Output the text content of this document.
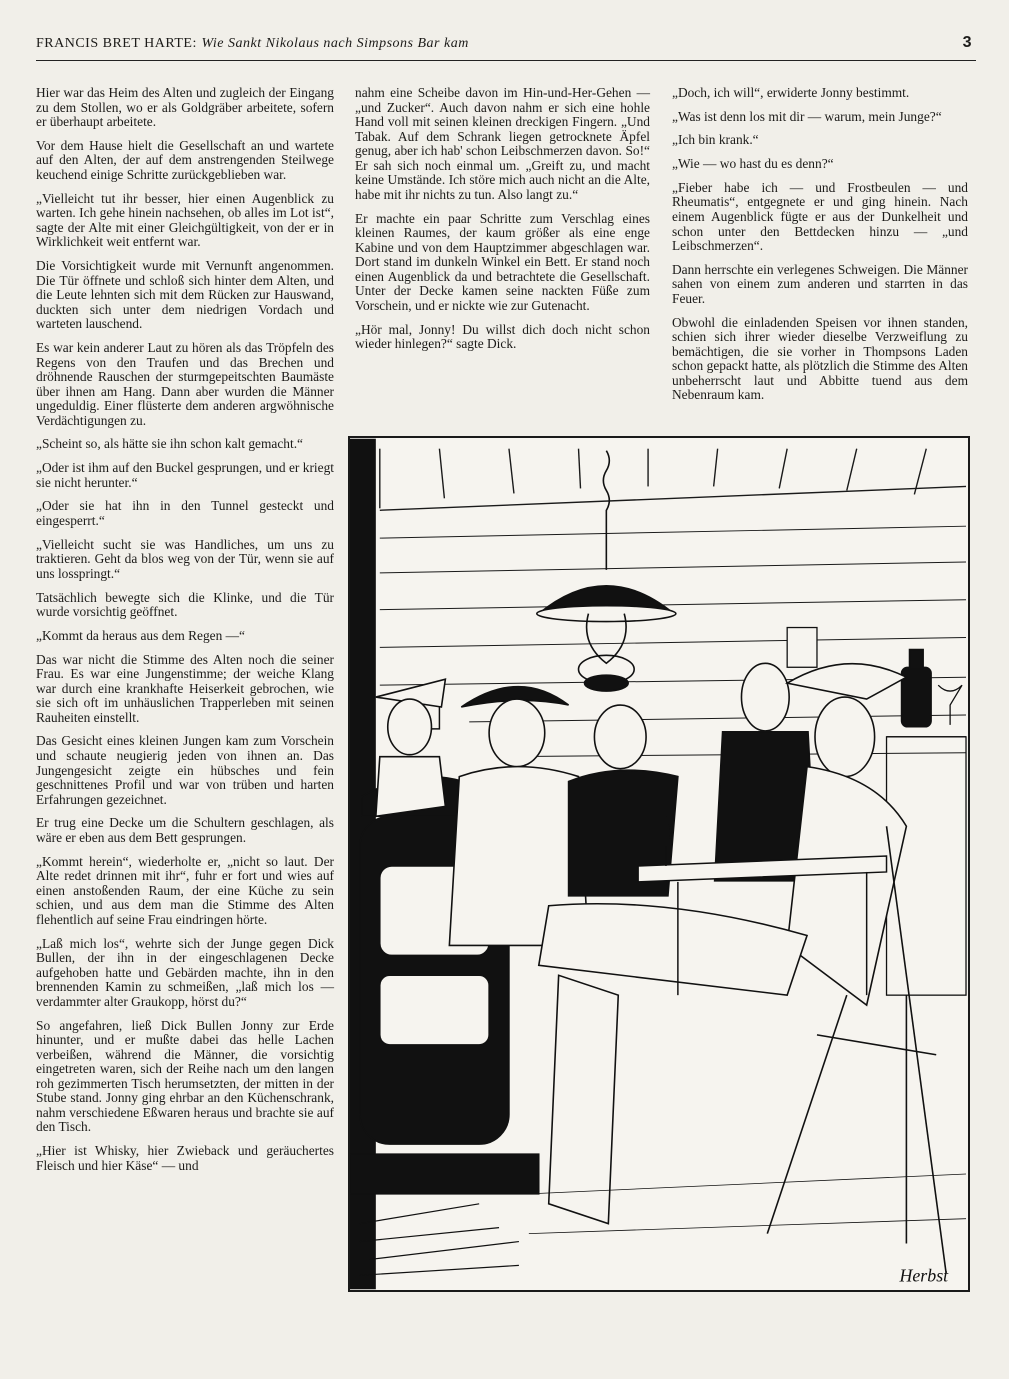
FRANCIS BRET HARTE: Wie Sankt Nikolaus nach Simpsons Bar kam	3

Hier war das Heim des Alten und zugleich der Eingang zu dem Stollen, wo er als Goldgräber arbeitete, sofern er überhaupt arbeitete.

Vor dem Hause hielt die Gesellschaft an und wartete auf den Alten, der auf dem anstrengenden Steilwege keuchend einige Schritte zurückgeblieben war.

„Vielleicht tut ihr besser, hier einen Augenblick zu warten. Ich gehe hinein nachsehen, ob alles im Lot ist“, sagte der Alte mit einer Gleichgültigkeit, von der er in Wirklichkeit weit entfernt war.

Die Vorsichtigkeit wurde mit Vernunft angenommen. Die Tür öffnete und schloß sich hinter dem Alten, und die Leute lehnten sich mit dem Rücken zur Hauswand, duckten sich unter dem niedrigen Vordach und warteten lauschend.

Es war kein anderer Laut zu hören als das Tröpfeln des Regens von den Traufen und das Brechen und dröhnende Rauschen der sturmgepeitschten Baumäste über ihnen am Hang. Dann aber wurden die Männer ungeduldig. Einer flüsterte dem anderen argwöhnische Verdächtigungen zu.

„Scheint so, als hätte sie ihn schon kalt gemacht.“

„Oder ist ihm auf den Buckel gesprungen, und er kriegt sie nicht herunter.“

„Oder sie hat ihn in den Tunnel gesteckt und eingesperrt.“

„Vielleicht sucht sie was Handliches, um uns zu traktieren. Geht da blos weg von der Tür, wenn sie auf uns losspringt.“

Tatsächlich bewegte sich die Klinke, und die Tür wurde vorsichtig geöffnet.

„Kommt da heraus aus dem Regen —“

Das war nicht die Stimme des Alten noch die seiner Frau. Es war eine Jungenstimme; der weiche Klang war durch eine krankhafte Heiserkeit gebrochen, wie sie sich oft im unhäuslichen Trapperleben mit seinen Rauheiten einstellt.

Das Gesicht eines kleinen Jungen kam zum Vorschein und schaute neugierig jeden von ihnen an. Das Jungengesicht zeigte ein hübsches und fein geschnittenes Profil und war von trüben und harten Erfahrungen gezeichnet.

Er trug eine Decke um die Schultern geschlagen, als wäre er eben aus dem Bett gesprungen.

„Kommt herein“, wiederholte er, „nicht so laut. Der Alte redet drinnen mit ihr“, fuhr er fort und wies auf einen anstoßenden Raum, der eine Küche zu sein schien, und aus dem man die Stimme des Alten flehentlich auf seine Frau eindringen hörte.

„Laß mich los“, wehrte sich der Junge gegen Dick Bullen, der ihn in der eingeschlagenen Decke aufgehoben hatte und Gebärden machte, ihn in den brennenden Kamin zu schmeißen, „laß mich los — verdammter alter Graukopp, hörst du?“

So angefahren, ließ Dick Bullen Jonny zur Erde hinunter, und er mußte dabei das helle Lachen verbeißen, während die Männer, die vorsichtig eingetreten waren, sich der Reihe nach um den langen roh gezimmerten Tisch herumsetzten, der mitten in der Stube stand. Jonny ging ehrbar an den Küchenschrank, nahm verschiedene Eßwaren heraus und brachte sie auf den Tisch.

„Hier ist Whisky, hier Zwieback und geräuchertes Fleisch und hier Käse“ — und

nahm eine Scheibe davon im Hin-und-Her-Gehen — „und Zucker“. Auch davon nahm er sich eine hohle Hand voll mit seinen kleinen dreckigen Fingern. „Und Tabak. Auf dem Schrank liegen getrocknete Äpfel genug, aber ich hab' schon Leibschmerzen davon. So!“ Er sah sich noch einmal um. „Greift zu, und macht keine Umstände. Ich störe mich auch nicht an die Alte, habe mit ihr nichts zu tun. Also langt zu.“

Er machte ein paar Schritte zum Verschlag eines kleinen Raumes, der kaum größer als eine enge Kabine und von dem Hauptzimmer abgeschlagen war. Dort stand im dunkeln Winkel ein Bett. Er stand noch einen Augenblick da und betrachtete die Gesellschaft. Unter der Decke kamen seine nackten Füße zum Vorschein, und er nickte wie zur Gutenacht.

„Hör mal, Jonny! Du willst dich doch nicht schon wieder hinlegen?“ sagte Dick.

„Doch, ich will“, erwiderte Jonny bestimmt.

„Was ist denn los mit dir — warum, mein Junge?“

„Ich bin krank.“

„Wie — wo hast du es denn?“

„Fieber habe ich — und Frostbeulen — und Rheumatis“, entgegnete er und ging hinein. Nach einem Augenblick fügte er aus der Dunkelheit und schon unter den Bettdecken hinzu — „und Leibschmerzen“.

Dann herrschte ein verlegenes Schweigen. Die Männer sahen von einem zum anderen und starrten in das Feuer.

Obwohl die einladenden Speisen vor ihnen standen, schien sich ihrer wieder dieselbe Verzweiflung zu bemächtigen, die sie vorher in Thompsons Laden schon gepackt hatte, als plötzlich die Stimme des Alten unbeherrscht laut und Abbitte tuend aus dem Nebenraum kam.

Herbst
